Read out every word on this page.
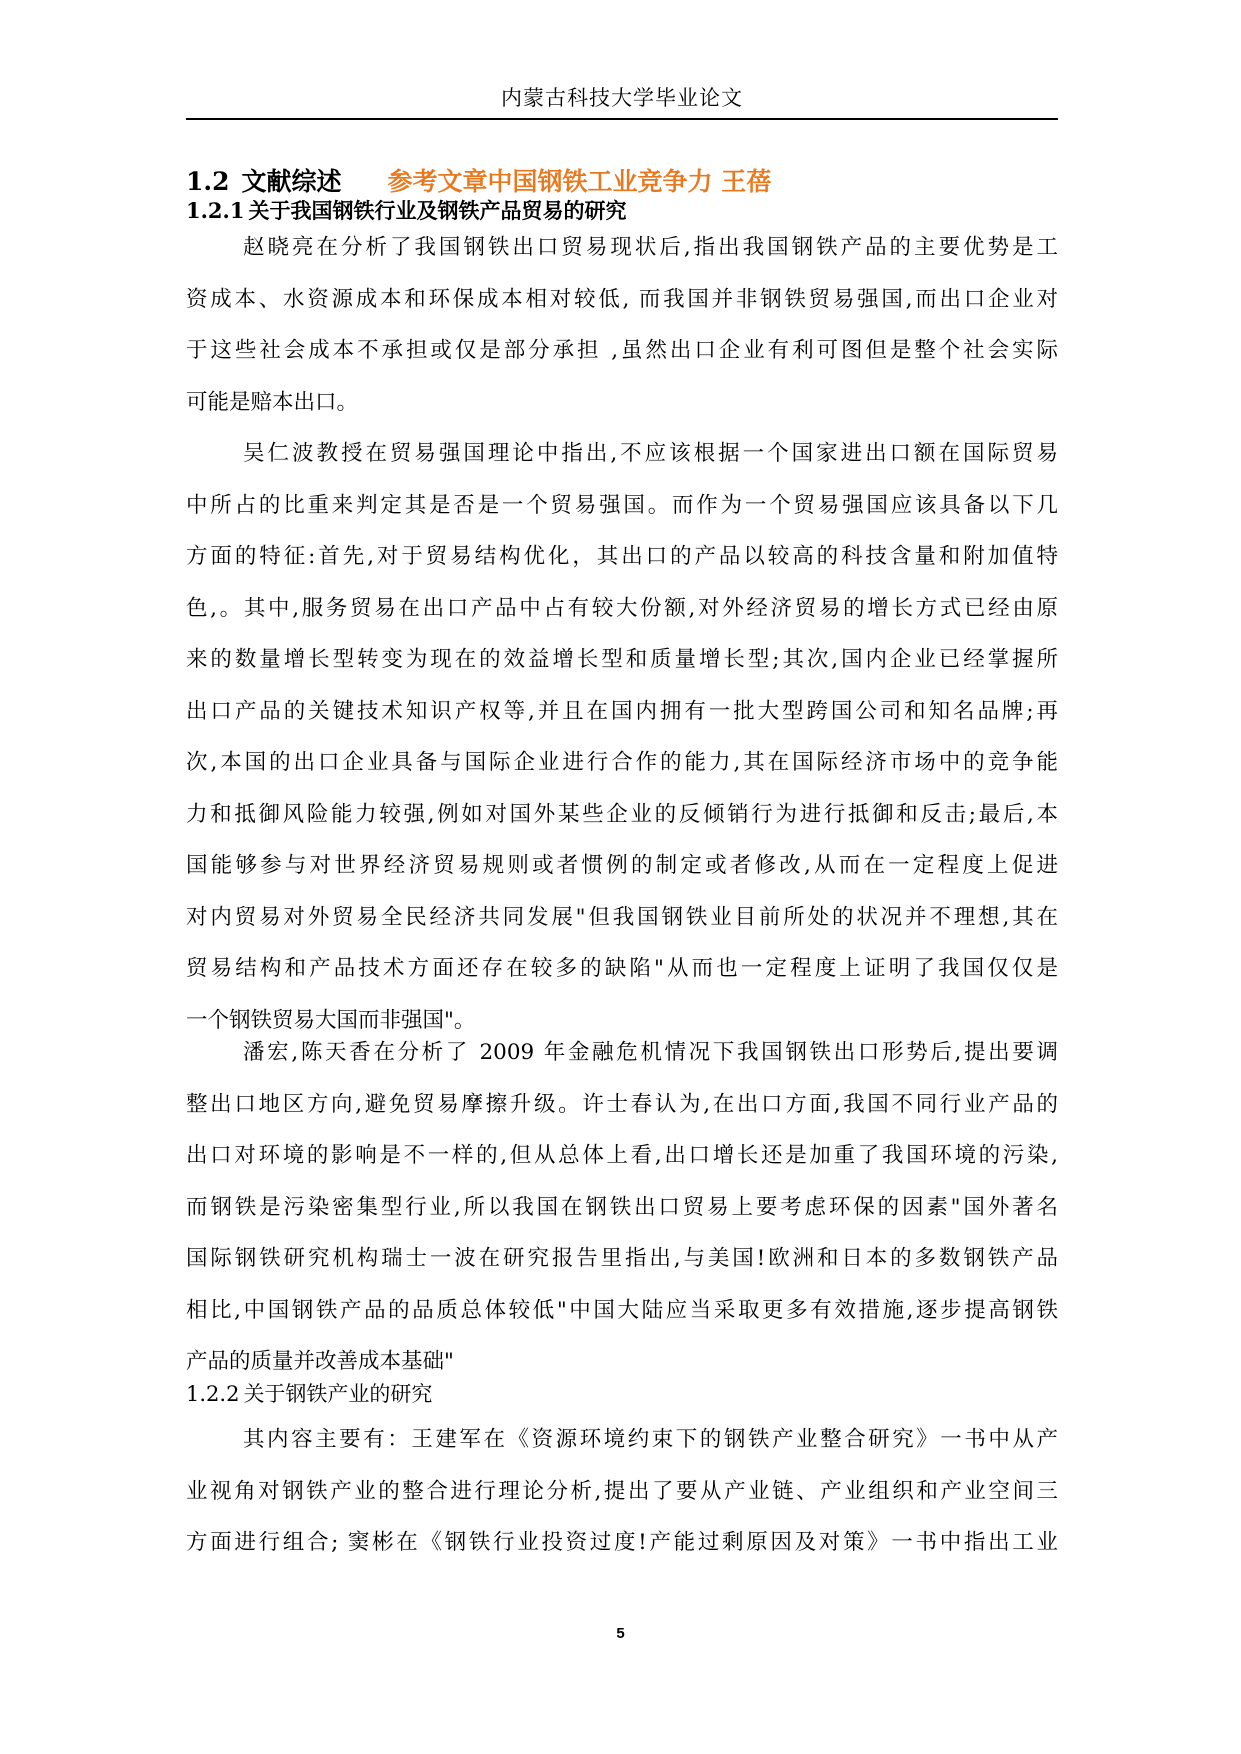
内蒙古科技大学毕业论文
1.2 文献综述 参考文章中国钢铁工业竞争力 王蓓
1.2.1 关于我国钢铁行业及钢铁产品贸易的研究
赵晓亮在分析了我国钢铁出口贸易现状后,指出我国钢铁产品的主要优势是工
资成本、水资源成本和环保成本相对较低, 而我国并非钢铁贸易强国,而出口企业对
于这些社会成本不承担或仅是部分承担 ,虽然出口企业有利可图但是整个社会实际
可能是赔本出口。
吴仁波教授在贸易强国理论中指出,不应该根据一个国家进出口额在国际贸易
中所占的比重来判定其是否是一个贸易强国。而作为一个贸易强国应该具备以下几
方面的特征:首先,对于贸易结构优化，其出口的产品以较高的科技含量和附加值特
色,。其中,服务贸易在出口产品中占有较大份额,对外经济贸易的增长方式已经由原
来的数量增长型转变为现在的效益增长型和质量增长型;其次,国内企业已经掌握所
出口产品的关键技术知识产权等,并且在国内拥有一批大型跨国公司和知名品牌;再
次,本国的出口企业具备与国际企业进行合作的能力,其在国际经济市场中的竞争能
力和抵御风险能力较强,例如对国外某些企业的反倾销行为进行抵御和反击;最后,本
国能够参与对世界经济贸易规则或者惯例的制定或者修改,从而在一定程度上促进
对内贸易对外贸易全民经济共同发展"但我国钢铁业目前所处的状况并不理想,其在
贸易结构和产品技术方面还存在较多的缺陷"从而也一定程度上证明了我国仅仅是
一个钢铁贸易大国而非强国"。
潘宏,陈天香在分析了 2009 年金融危机情况下我国钢铁出口形势后,提出要调
整出口地区方向,避免贸易摩擦升级。许士春认为,在出口方面,我国不同行业产品的
出口对环境的影响是不一样的,但从总体上看,出口增长还是加重了我国环境的污染,
而钢铁是污染密集型行业,所以我国在钢铁出口贸易上要考虑环保的因素"国外著名
国际钢铁研究机构瑞士一波在研究报告里指出,与美国!欧洲和日本的多数钢铁产品
相比,中国钢铁产品的品质总体较低"中国大陆应当采取更多有效措施,逐步提高钢铁
产品的质量并改善成本基础"
1.2.2 关于钢铁产业的研究
其内容主要有：王建军在《资源环境约束下的钢铁产业整合研究》一书中从产
业视角对钢铁产业的整合进行理论分析,提出了要从产业链、产业组织和产业空间三
方面进行组合; 窦彬在《钢铁行业投资过度!产能过剩原因及对策》一书中指出工业
5
